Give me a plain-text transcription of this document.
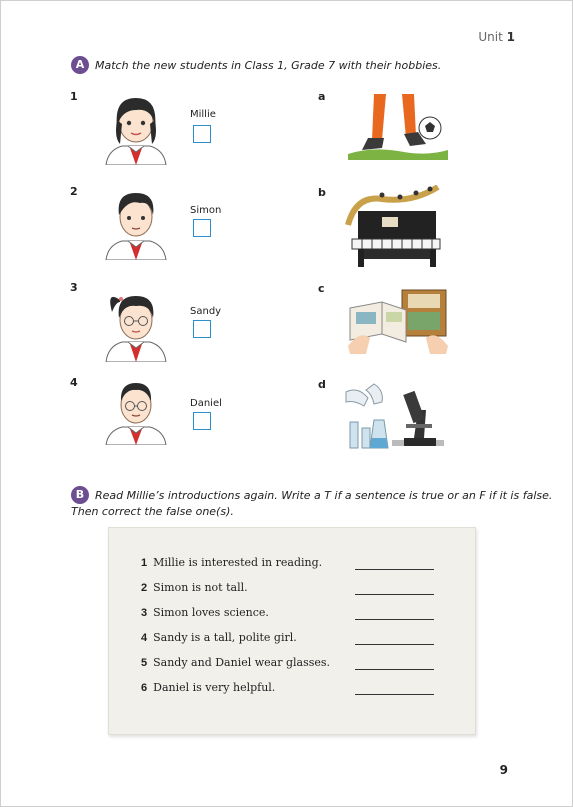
Unit 1
A Match the new students in Class 1, Grade 7 with their hobbies.
1
Millie
2
Simon
3
Sandy
4
Daniel
a
b
c
d
B Read Millie’s introductions again. Write a T if a sentence is true or an F if it is false.
Then correct the false one(s).
1 Millie is interested in reading.
2 Simon is not tall.
3 Simon loves science.
4 Sandy is a tall, polite girl.
5 Sandy and Daniel wear glasses.
6 Daniel is very helpful.
9
